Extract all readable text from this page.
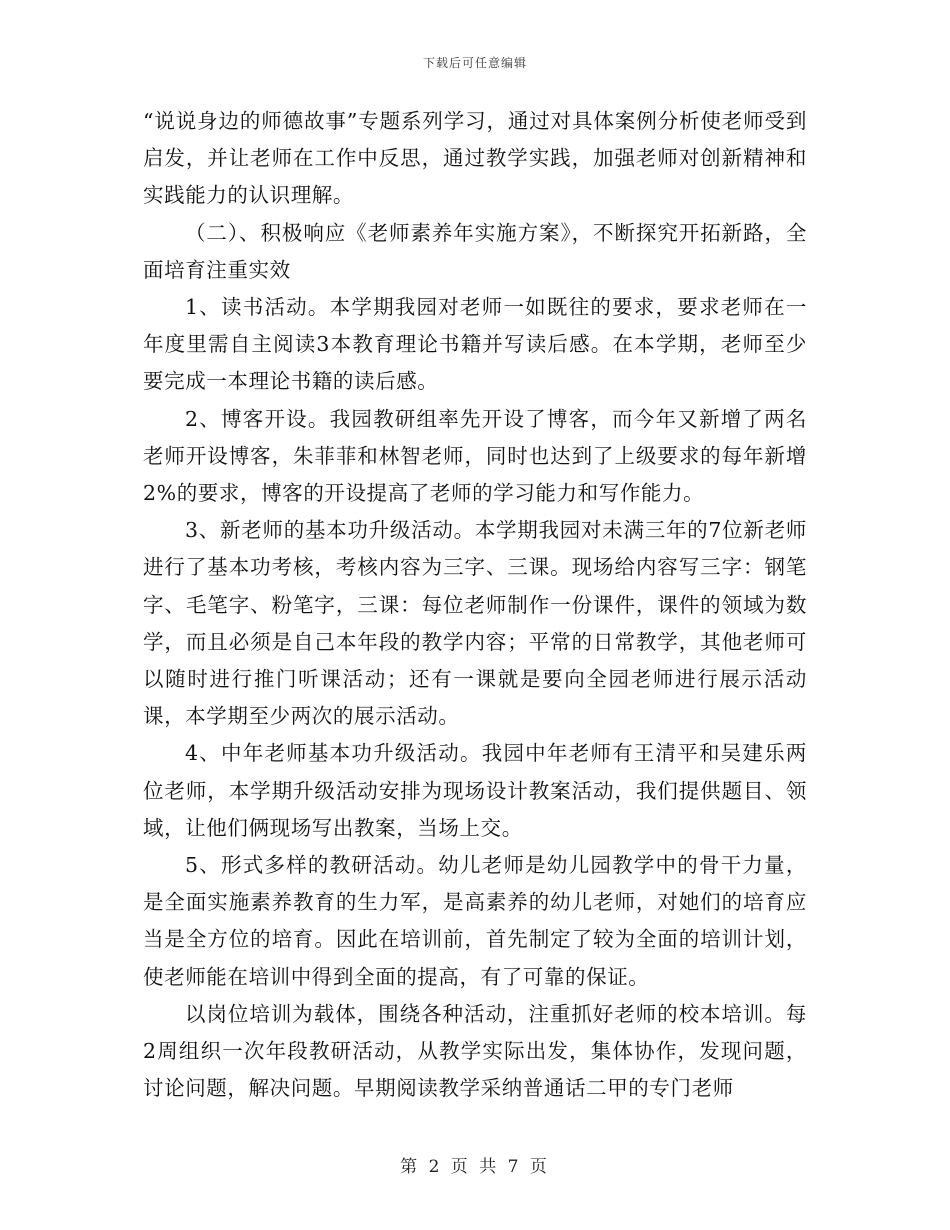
下载后可任意编辑

“说说身边的师德故事”专题系列学习，通过对具体案例分析使老师受到启发，并让老师在工作中反思，通过教学实践，加强老师对创新精神和实践能力的认识理解。

（二）、积极响应《老师素养年实施方案》，不断探究开拓新路，全面培育注重实效

1、读书活动。本学期我园对老师一如既往的要求，要求老师在一年度里需自主阅读3本教育理论书籍并写读后感。在本学期，老师至少要完成一本理论书籍的读后感。

2、博客开设。我园教研组率先开设了博客，而今年又新增了两名老师开设博客，朱菲菲和林智老师，同时也达到了上级要求的每年新增2%的要求，博客的开设提高了老师的学习能力和写作能力。

3、新老师的基本功升级活动。本学期我园对未满三年的7位新老师进行了基本功考核，考核内容为三字、三课。现场给内容写三字：钢笔字、毛笔字、粉笔字，三课：每位老师制作一份课件，课件的领域为数学，而且必须是自己本年段的教学内容；平常的日常教学，其他老师可以随时进行推门听课活动；还有一课就是要向全园老师进行展示活动课，本学期至少两次的展示活动。

4、中年老师基本功升级活动。我园中年老师有王清平和吴建乐两位老师，本学期升级活动安排为现场设计教案活动，我们提供题目、领域，让他们俩现场写出教案，当场上交。

5、形式多样的教研活动。幼儿老师是幼儿园教学中的骨干力量，是全面实施素养教育的生力军，是高素养的幼儿老师，对她们的培育应当是全方位的培育。因此在培训前，首先制定了较为全面的培训计划，使老师能在培训中得到全面的提高，有了可靠的保证。

以岗位培训为载体，围绕各种活动，注重抓好老师的校本培训。每2周组织一次年段教研活动，从教学实际出发，集体协作，发现问题，讨论问题，解决问题。早期阅读教学采纳普通话二甲的专门老师

第 2 页 共 7 页
